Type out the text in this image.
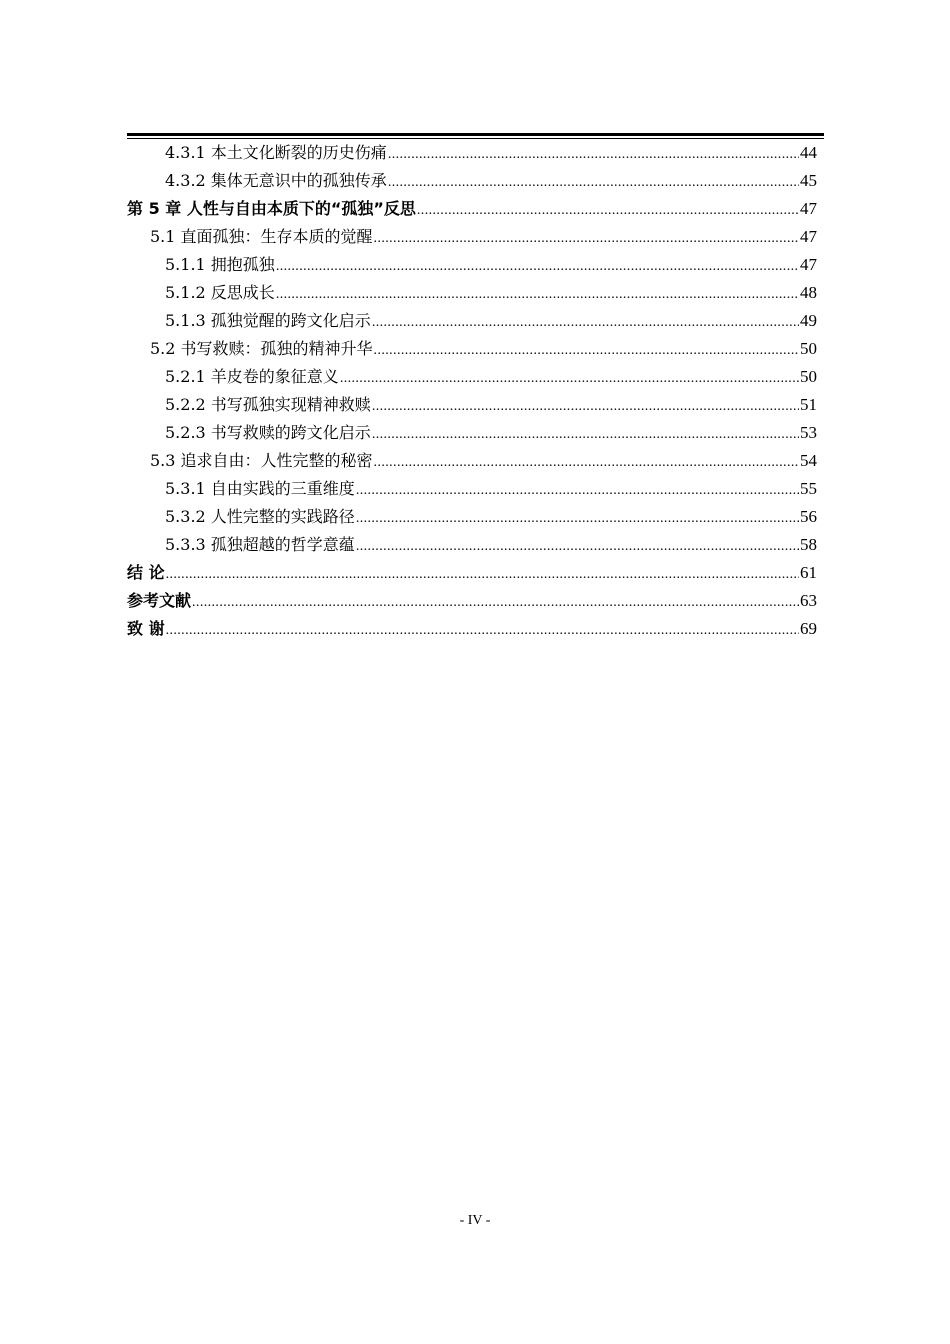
4.3.1 本土文化断裂的历史伤痛 .....	44
4.3.2 集体无意识中的孤独传承 .....	45
第 5 章 人性与自由本质下的“孤独”反思 .....	47
5.1 直面孤独：生存本质的觉醒 .....	47
5.1.1 拥抱孤独 .....	47
5.1.2 反思成长 .....	48
5.1.3 孤独觉醒的跨文化启示 .....	49
5.2 书写救赎：孤独的精神升华 .....	50
5.2.1 羊皮卷的象征意义 .....	50
5.2.2 书写孤独实现精神救赎 .....	51
5.2.3 书写救赎的跨文化启示 .....	53
5.3 追求自由：人性完整的秘密 .....	54
5.3.1 自由实践的三重维度 .....	55
5.3.2 人性完整的实践路径 .....	56
5.3.3 孤独超越的哲学意蕴 .....	58
结 论 .....	61
参考文献 .....	63
致 谢 .....	69
- IV -
